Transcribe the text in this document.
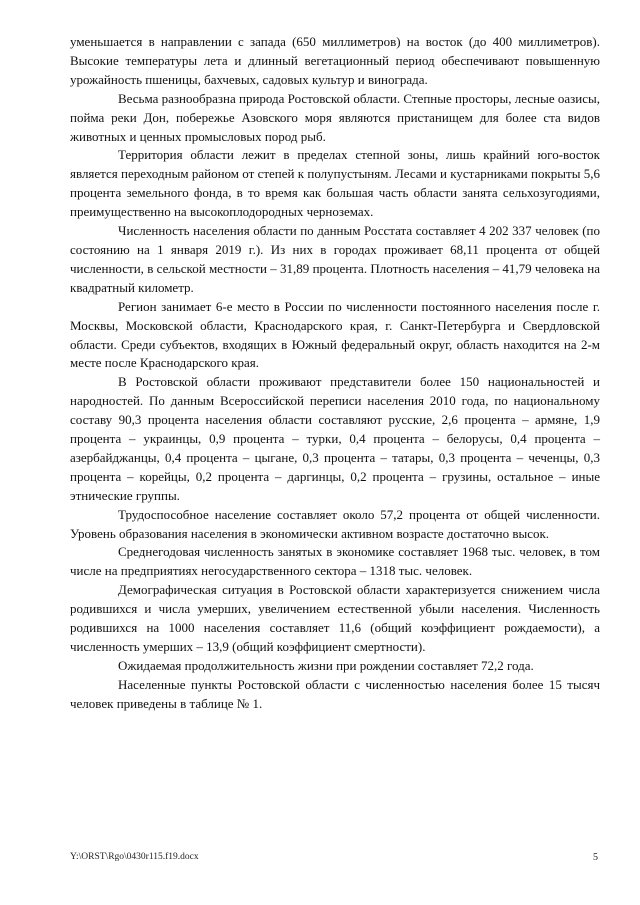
уменьшается в направлении с запада (650 миллиметров) на восток (до 400 миллиметров). Высокие температуры лета и длинный вегетационный период обеспечивают повышенную урожайность пшеницы, бахчевых, садовых культур и винограда.

Весьма разнообразна природа Ростовской области. Степные просторы, лесные оазисы, пойма реки Дон, побережье Азовского моря являются пристанищем для более ста видов животных и ценных промысловых пород рыб.

Территория области лежит в пределах степной зоны, лишь крайний юго-восток является переходным районом от степей к полупустыням. Лесами и кустарниками покрыты 5,6 процента земельного фонда, в то время как большая часть области занята сельхозугодиями, преимущественно на высокоплодородных черноземах.

Численность населения области по данным Росстата составляет 4 202 337 человек (по состоянию на 1 января 2019 г.). Из них в городах проживает 68,11 процента от общей численности, в сельской местности – 31,89 процента. Плотность населения – 41,79 человека на квадратный километр.

Регион занимает 6-е место в России по численности постоянного населения после г. Москвы, Московской области, Краснодарского края, г. Санкт-Петербурга и Свердловской области. Среди субъектов, входящих в Южный федеральный округ, область находится на 2-м месте после Краснодарского края.

В Ростовской области проживают представители более 150 национальностей и народностей. По данным Всероссийской переписи населения 2010 года, по национальному составу 90,3 процента населения области составляют русские, 2,6 процента – армяне, 1,9 процента – украинцы, 0,9 процента – турки, 0,4 процента – белорусы, 0,4 процента – азербайджанцы, 0,4 процента – цыгане, 0,3 процента – татары, 0,3 процента – чеченцы, 0,3 процента – корейцы, 0,2 процента – даргинцы, 0,2 процента – грузины, остальное – иные этнические группы.

Трудоспособное население составляет около 57,2 процента от общей численности. Уровень образования населения в экономически активном возрасте достаточно высок.

Среднегодовая численность занятых в экономике составляет 1968 тыс. человек, в том числе на предприятиях негосударственного сектора – 1318 тыс. человек.

Демографическая ситуация в Ростовской области характеризуется снижением числа родившихся и числа умерших, увеличением естественной убыли населения. Численность родившихся на 1000 населения составляет 11,6 (общий коэффициент рождаемости), а численность умерших – 13,9 (общий коэффициент смертности).

Ожидаемая продолжительность жизни при рождении составляет 72,2 года.

Населенные пункты Ростовской области с численностью населения более 15 тысяч человек приведены в таблице № 1.

Y:\ORST\Rgo\0430r115.f19.docx	5
